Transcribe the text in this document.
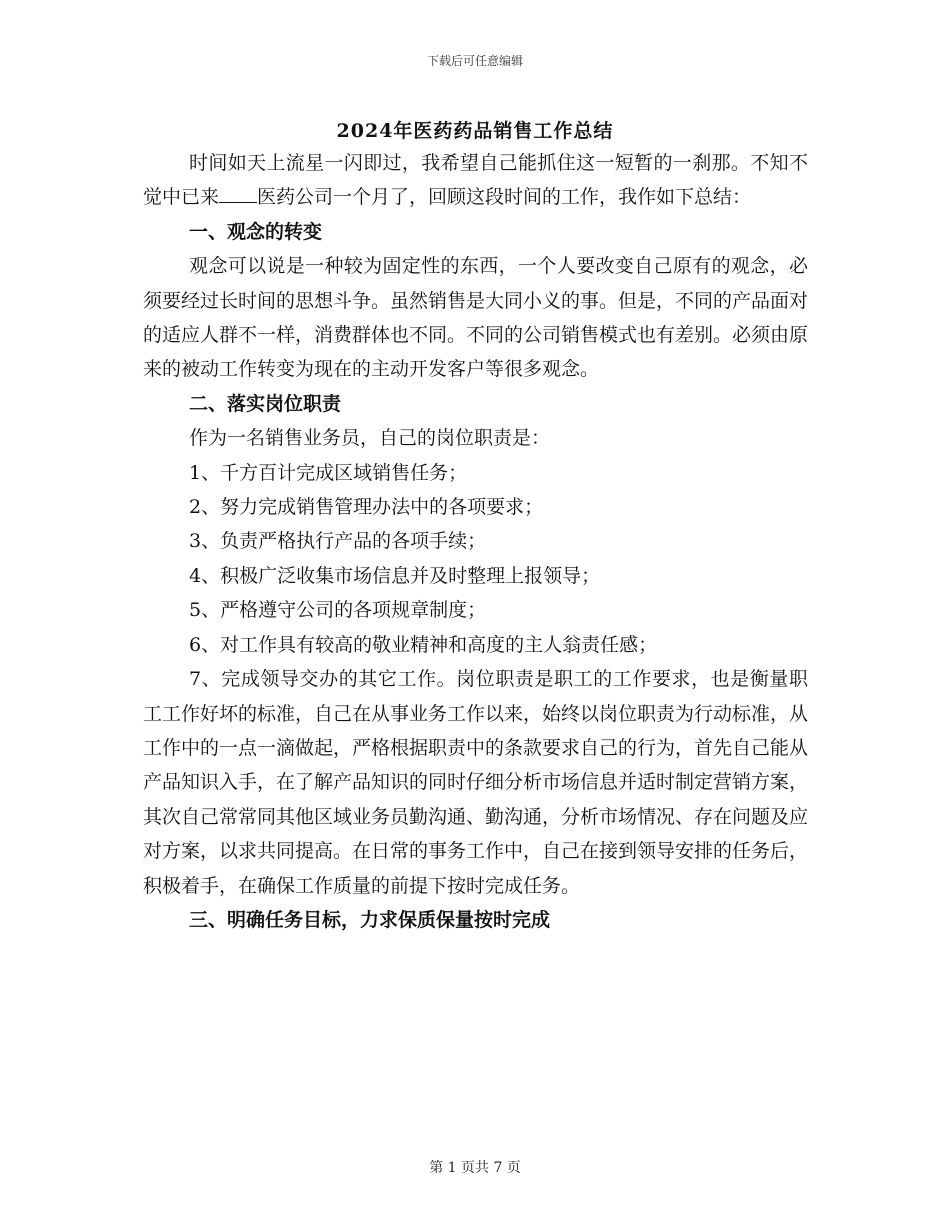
下载后可任意编辑
2024年医药药品销售工作总结

时间如天上流星一闪即过，我希望自己能抓住这一短暂的一刹那。不知不觉中已来 医药公司一个月了，回顾这段时间的工作，我作如下总结：

一、观念的转变

观念可以说是一种较为固定性的东西，一个人要改变自己原有的观念，必须要经过长时间的思想斗争。虽然销售是大同小义的事。但是，不同的产品面对的适应人群不一样，消费群体也不同。不同的公司销售模式也有差别。必须由原来的被动工作转变为现在的主动开发客户等很多观念。

二、落实岗位职责

作为一名销售业务员，自己的岗位职责是：

1、千方百计完成区域销售任务；

2、努力完成销售管理办法中的各项要求；

3、负责严格执行产品的各项手续；

4、积极广泛收集市场信息并及时整理上报领导；

5、严格遵守公司的各项规章制度；

6、对工作具有较高的敬业精神和高度的主人翁责任感；

7、完成领导交办的其它工作。岗位职责是职工的工作要求，也是衡量职工工作好坏的标准，自己在从事业务工作以来，始终以岗位职责为行动标准，从工作中的一点一滴做起，严格根据职责中的条款要求自己的行为，首先自己能从产品知识入手，在了解产品知识的同时仔细分析市场信息并适时制定营销方案，其次自己常常同其他区域业务员勤沟通、勤沟通，分析市场情况、存在问题及应对方案，以求共同提高。在日常的事务工作中，自己在接到领导安排的任务后，积极着手，在确保工作质量的前提下按时完成任务。

三、明确任务目标，力求保质保量按时完成

第 1 页共 7 页
